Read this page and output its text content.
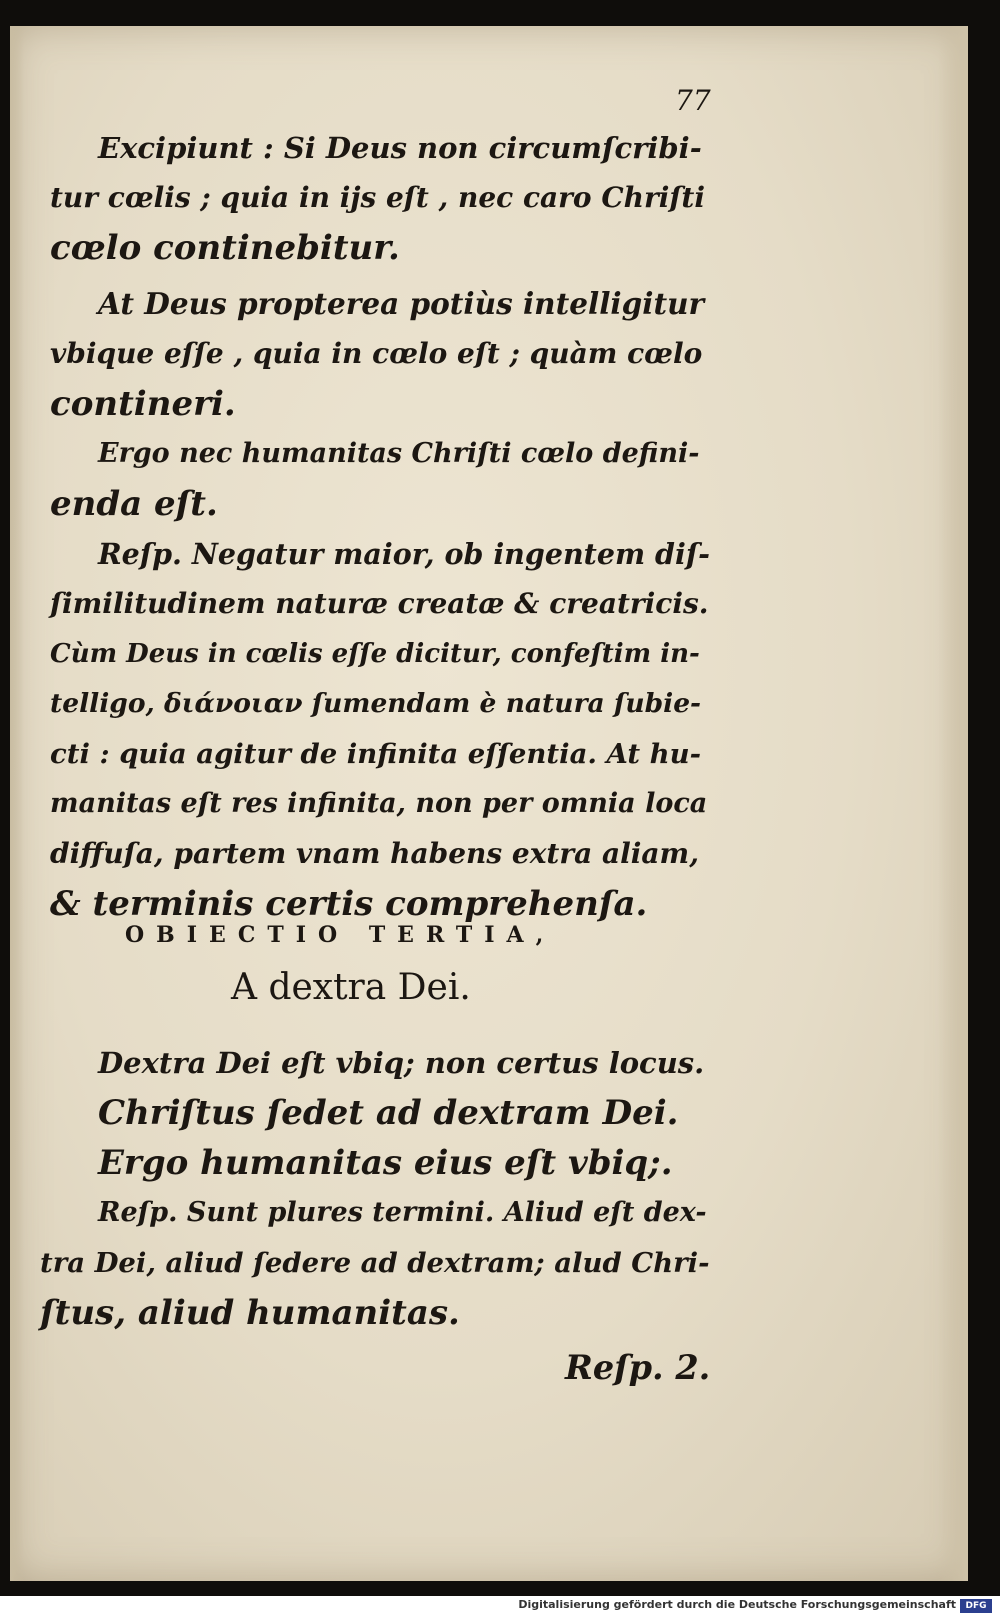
77

Excipiunt : Si Deus non circumſcribi-

tur cœlis ; quia in ijs eſt , nec caro Chriſti

cœlo continebitur.

At Deus propterea potiùs intelligitur

vbique eſſe , quia in cœlo eſt ; quàm cœlo

contineri.

Ergo nec humanitas Chriſti cœlo defini-

enda eſt.

Reſp. Negatur maior, ob ingentem diſ-

ſimilitudinem naturæ creatæ & creatricis.

Cùm Deus in cœlis eſſe dicitur, confeſtim in-

telligo, διάνοιαν ſumendam è natura ſubie-

cti : quia agitur de infinita eſſentia. At hu-

manitas eſt res infinita, non per omnia loca

diffuſa, partem vnam habens extra aliam,

& terminis certis comprehenſa.

OBIECTIO TERTIA,

A dextra Dei.

Dextra Dei eſt vbiq; non certus locus.

Chriſtus ſedet ad dextram Dei.

Ergo humanitas eius eſt vbiq;.

Reſp. Sunt plures termini. Aliud eſt dex-

tra Dei, aliud ſedere ad dextram; alud Chri-

ſtus, aliud humanitas.

Reſp. 2.

Digitalisierung gefördert durch die Deutsche Forschungsgemeinschaft	DFG
